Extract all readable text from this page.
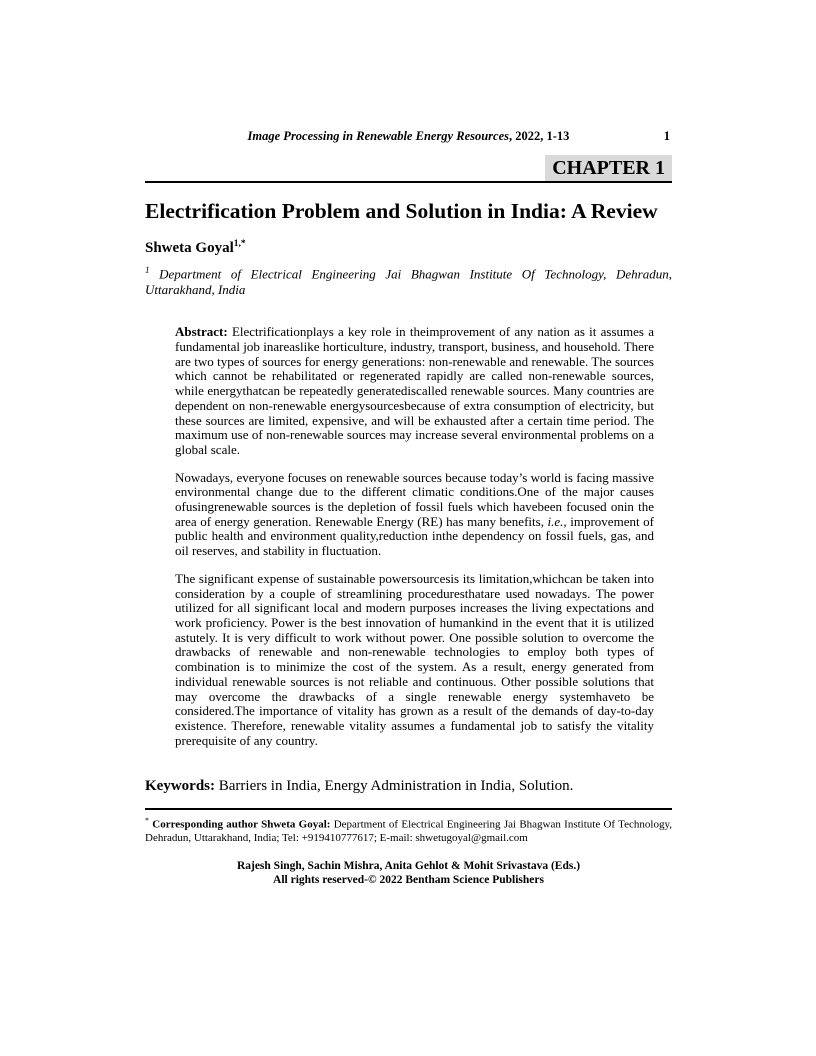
Image Processing in Renewable Energy Resources, 2022, 1-13	1
CHAPTER 1
Electrification Problem and Solution in India: A Review
Shweta Goyal$^{1,*}$
$^1$ Department of Electrical Engineering Jai Bhagwan Institute Of Technology, Dehradun, Uttarakhand, India

Abstract: Electrificationplays a key role in theimprovement of any nation as it assumes a fundamental job inareaslike horticulture, industry, transport, business, and household. There are two types of sources for energy generations: non-renewable and renewable. The sources which cannot be rehabilitated or regenerated rapidly are called non-renewable sources, while energythatcan be repeatedly generatediscalled renewable sources. Many countries are dependent on non-renewable energysourcesbecause of extra consumption of electricity, but these sources are limited, expensive, and will be exhausted after a certain time period. The maximum use of non-renewable sources may increase several environmental problems on a global scale.

Nowadays, everyone focuses on renewable sources because today’s world is facing massive environmental change due to the different climatic conditions.One of the major causes ofusingrenewable sources is the depletion of fossil fuels which havebeen focused onin the area of energy generation. Renewable Energy (RE) has many benefits, i.e., improvement of public health and environment quality,reduction inthe dependency on fossil fuels, gas, and oil reserves, and stability in fluctuation.

The significant expense of sustainable powersourcesis its limitation,whichcan be taken into consideration by a couple of streamlining proceduresthatare used nowadays. The power utilized for all significant local and modern purposes increases the living expectations and work proficiency. Power is the best innovation of humankind in the event that it is utilized astutely. It is very difficult to work without power. One possible solution to overcome the drawbacks of renewable and non-renewable technologies to employ both types of combination is to minimize the cost of the system. As a result, energy generated from individual renewable sources is not reliable and continuous. Other possible solutions that may overcome the drawbacks of a single renewable energy systemhaveto be considered.The importance of vitality has grown as a result of the demands of day-to-day existence. Therefore, renewable vitality assumes a fundamental job to satisfy the vitality prerequisite of any country.

Keywords: Barriers in India, Energy Administration in India, Solution.
* Corresponding author Shweta Goyal: Department of Electrical Engineering Jai Bhagwan Institute Of Technology, Dehradun, Uttarakhand, India; Tel: +919410777617; E-mail: shwetugoyal@gmail.com
Rajesh Singh, Sachin Mishra, Anita Gehlot & Mohit Srivastava (Eds.)
All rights reserved-© 2022 Bentham Science Publishers
